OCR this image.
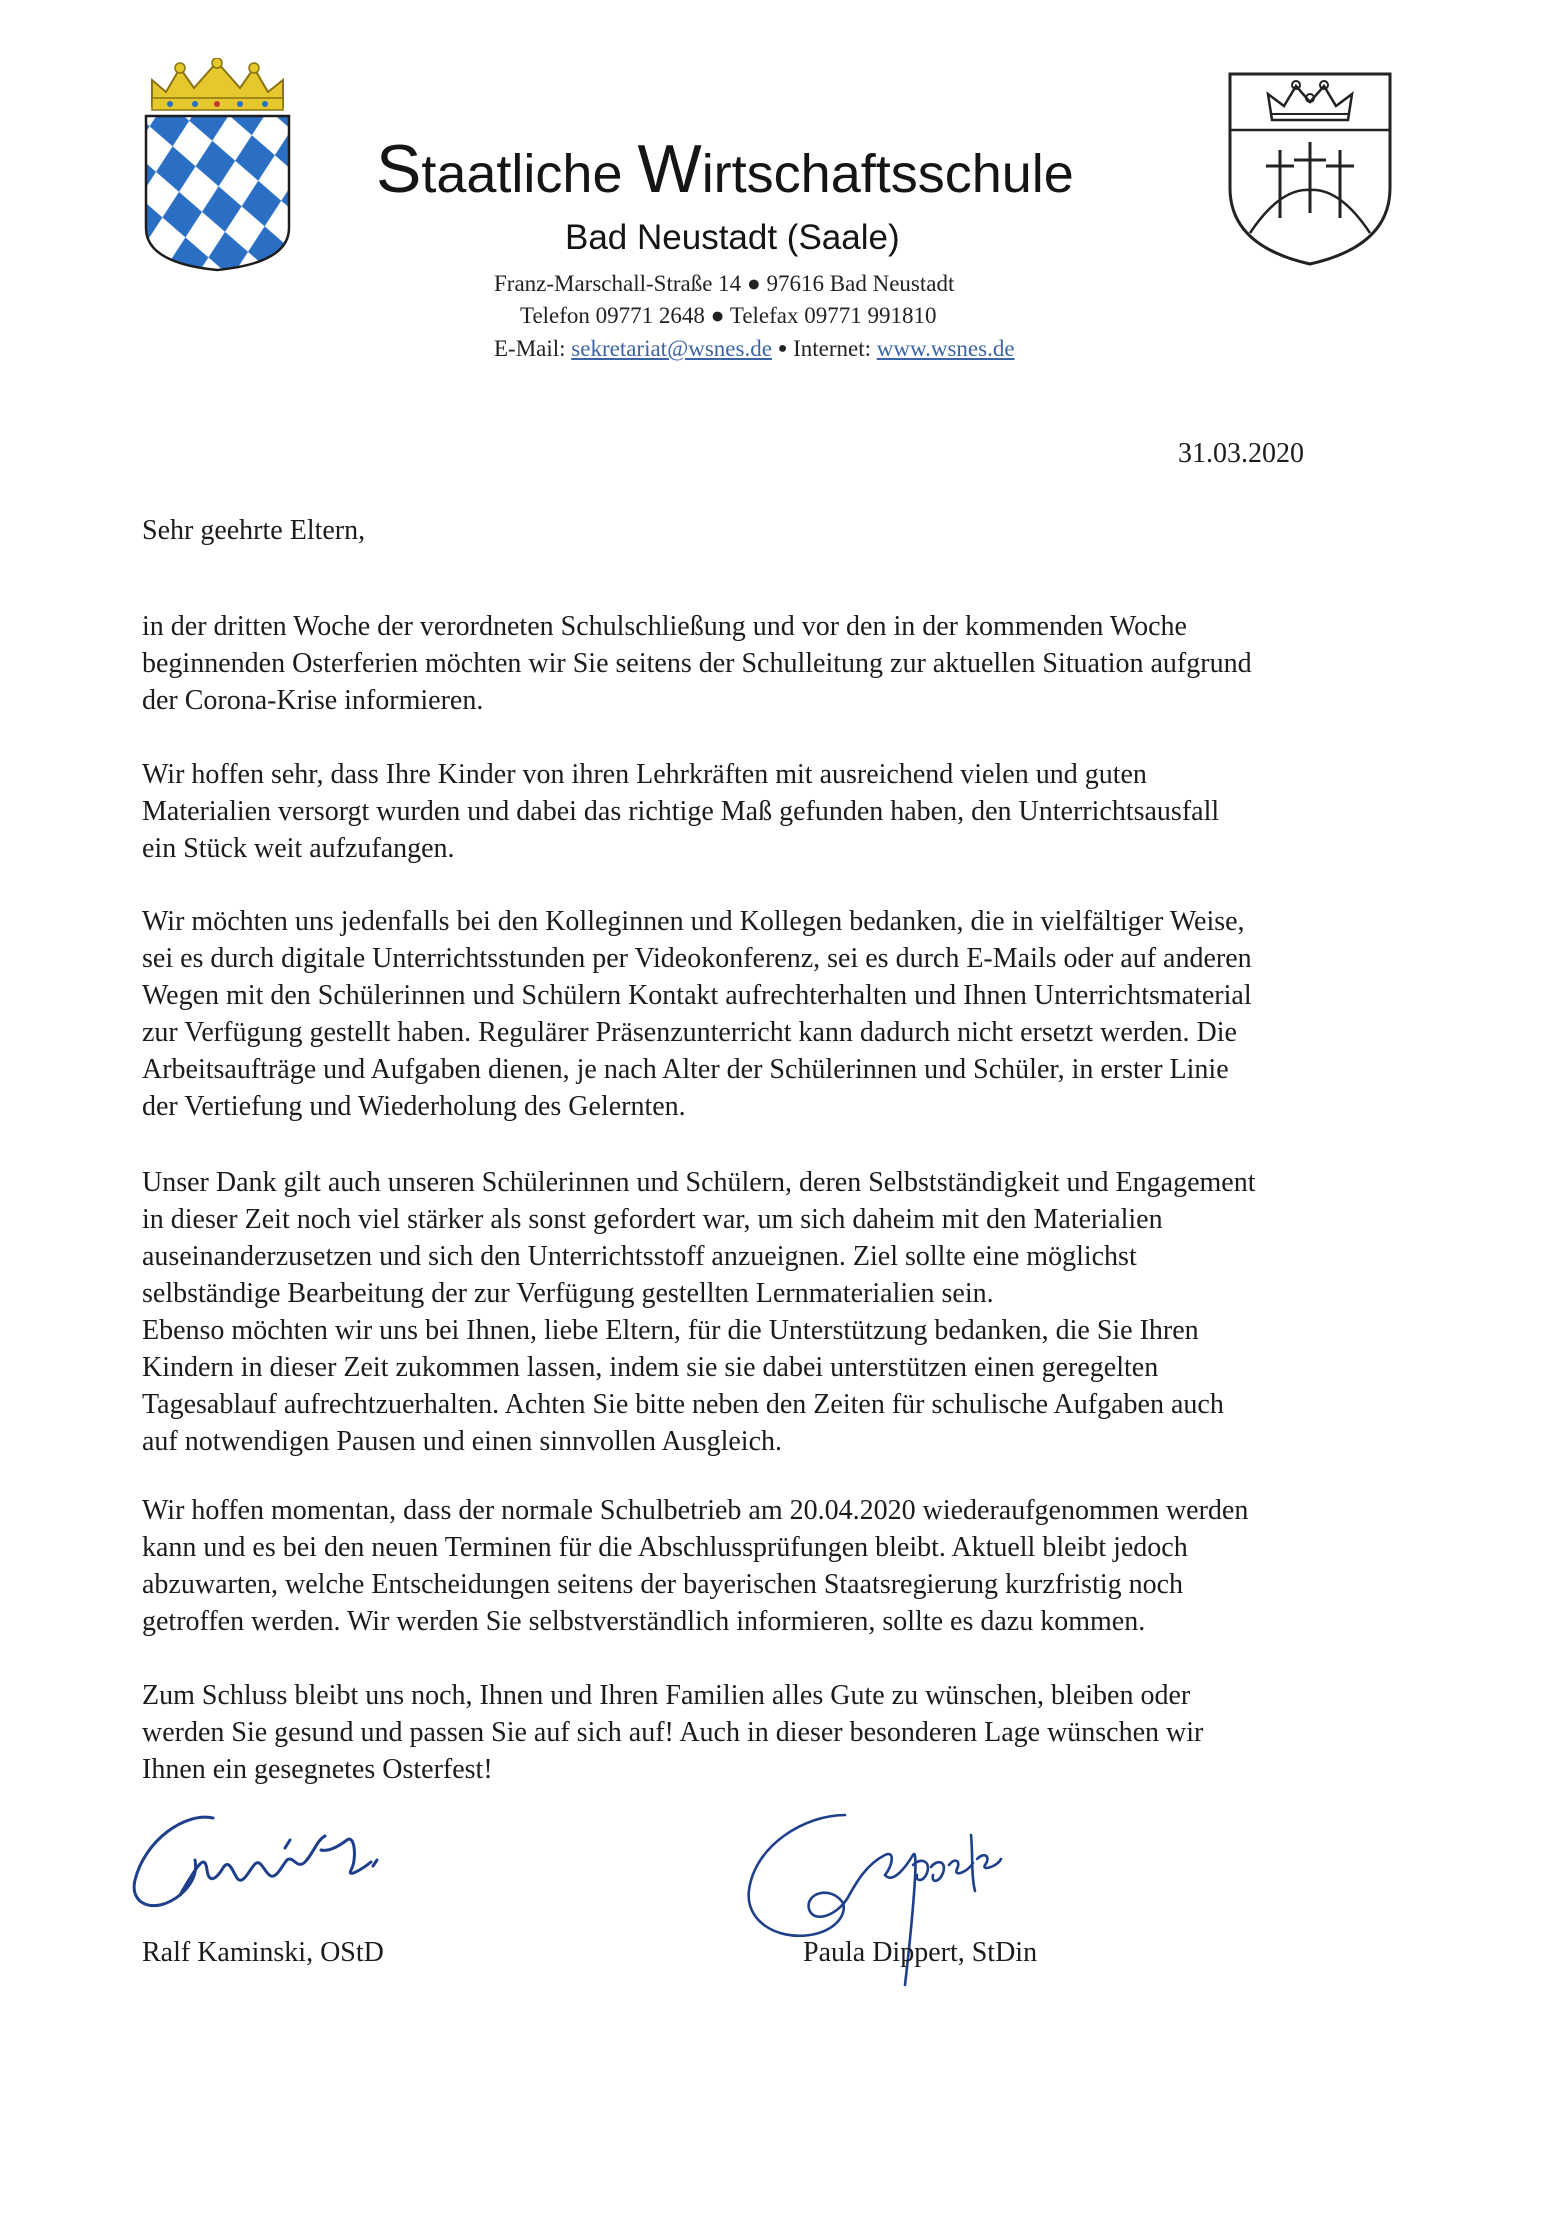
Staatliche Wirtschaftsschule
Bad Neustadt (Saale)
Franz-Marschall-Straße 14 ● 97616 Bad Neustadt
Telefon 09771 2648 ● Telefax 09771 991810
E-Mail: sekretariat@wsnes.de ● Internet: www.wsnes.de
31.03.2020
Sehr geehrte Eltern,
in der dritten Woche der verordneten Schulschließung und vor den in der kommenden Woche
beginnenden Osterferien möchten wir Sie seitens der Schulleitung zur aktuellen Situation aufgrund
der Corona-Krise informieren.
Wir hoffen sehr, dass Ihre Kinder von ihren Lehrkräften mit ausreichend vielen und guten
Materialien versorgt wurden und dabei das richtige Maß gefunden haben, den Unterrichtsausfall
ein Stück weit aufzufangen.
Wir möchten uns jedenfalls bei den Kolleginnen und Kollegen bedanken, die in vielfältiger Weise,
sei es durch digitale Unterrichtsstunden per Videokonferenz, sei es durch E-Mails oder auf anderen
Wegen mit den Schülerinnen und Schülern Kontakt aufrechterhalten und Ihnen Unterrichtsmaterial
zur Verfügung gestellt haben. Regulärer Präsenzunterricht kann dadurch nicht ersetzt werden. Die
Arbeitsaufträge und Aufgaben dienen, je nach Alter der Schülerinnen und Schüler, in erster Linie
der Vertiefung und Wiederholung des Gelernten.
Unser Dank gilt auch unseren Schülerinnen und Schülern, deren Selbstständigkeit und Engagement
in dieser Zeit noch viel stärker als sonst gefordert war, um sich daheim mit den Materialien
auseinanderzusetzen und sich den Unterrichtsstoff anzueignen. Ziel sollte eine möglichst
selbständige Bearbeitung der zur Verfügung gestellten Lernmaterialien sein.
Ebenso möchten wir uns bei Ihnen, liebe Eltern, für die Unterstützung bedanken, die Sie Ihren
Kindern in dieser Zeit zukommen lassen, indem sie sie dabei unterstützen einen geregelten
Tagesablauf aufrechtzuerhalten. Achten Sie bitte neben den Zeiten für schulische Aufgaben auch
auf notwendigen Pausen und einen sinnvollen Ausgleich.
Wir hoffen momentan, dass der normale Schulbetrieb am 20.04.2020 wiederaufgenommen werden
kann und es bei den neuen Terminen für die Abschlussprüfungen bleibt. Aktuell bleibt jedoch
abzuwarten, welche Entscheidungen seitens der bayerischen Staatsregierung kurzfristig noch
getroffen werden. Wir werden Sie selbstverständlich informieren, sollte es dazu kommen.
Zum Schluss bleibt uns noch, Ihnen und Ihren Familien alles Gute zu wünschen, bleiben oder
werden Sie gesund und passen Sie auf sich auf! Auch in dieser besonderen Lage wünschen wir
Ihnen ein gesegnetes Osterfest!
Ralf Kaminski, OStD	Paula Dippert, StDin
